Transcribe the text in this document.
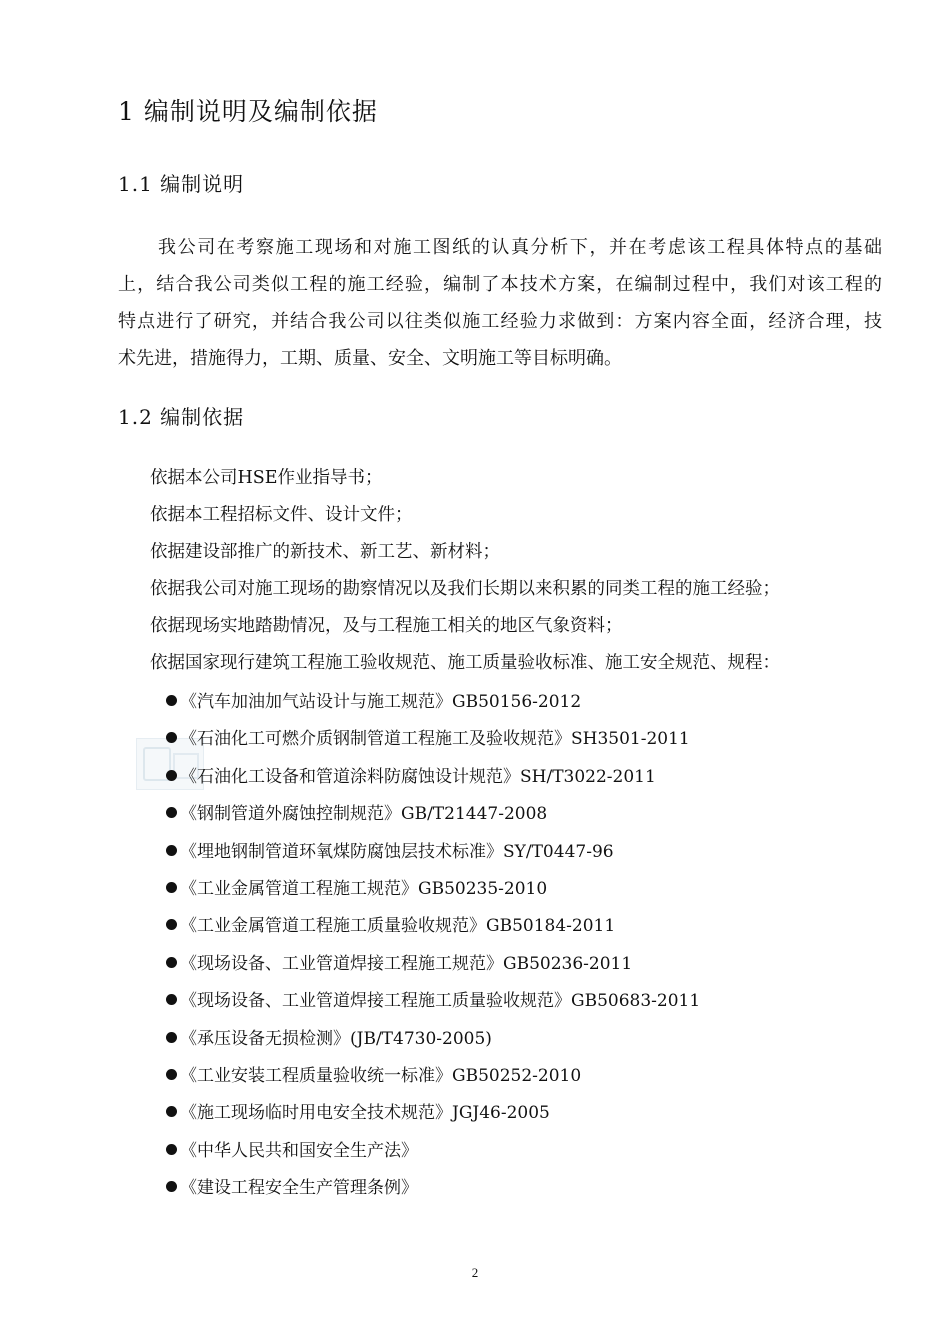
1 编制说明及编制依据
1.1 编制说明
我公司在考察施工现场和对施工图纸的认真分析下，并在考虑该工程具体特点的基础
上，结合我公司类似工程的施工经验，编制了本技术方案，在编制过程中，我们对该工程的
特点进行了研究，并结合我公司以往类似施工经验力求做到：方案内容全面，经济合理，技
术先进，措施得力，工期、质量、安全、文明施工等目标明确。
1.2 编制依据
依据本公司HSE作业指导书；
依据本工程招标文件、设计文件；
依据建设部推广的新技术、新工艺、新材料；
依据我公司对施工现场的勘察情况以及我们长期以来积累的同类工程的施工经验；
依据现场实地踏勘情况，及与工程施工相关的地区气象资料；
依据国家现行建筑工程施工验收规范、施工质量验收标准、施工安全规范、规程：
《汽车加油加气站设计与施工规范》GB50156-2012
《石油化工可燃介质钢制管道工程施工及验收规范》SH3501-2011
《石油化工设备和管道涂料防腐蚀设计规范》SH/T3022-2011
《钢制管道外腐蚀控制规范》GB/T21447-2008
《埋地钢制管道环氧煤防腐蚀层技术标准》SY/T0447-96
《工业金属管道工程施工规范》GB50235-2010
《工业金属管道工程施工质量验收规范》GB50184-2011
《现场设备、工业管道焊接工程施工规范》GB50236-2011
《现场设备、工业管道焊接工程施工质量验收规范》GB50683-2011
《承压设备无损检测》(JB/T4730-2005)
《工业安装工程质量验收统一标准》GB50252-2010
《施工现场临时用电安全技术规范》JGJ46-2005
《中华人民共和国安全生产法》
《建设工程安全生产管理条例》
2
